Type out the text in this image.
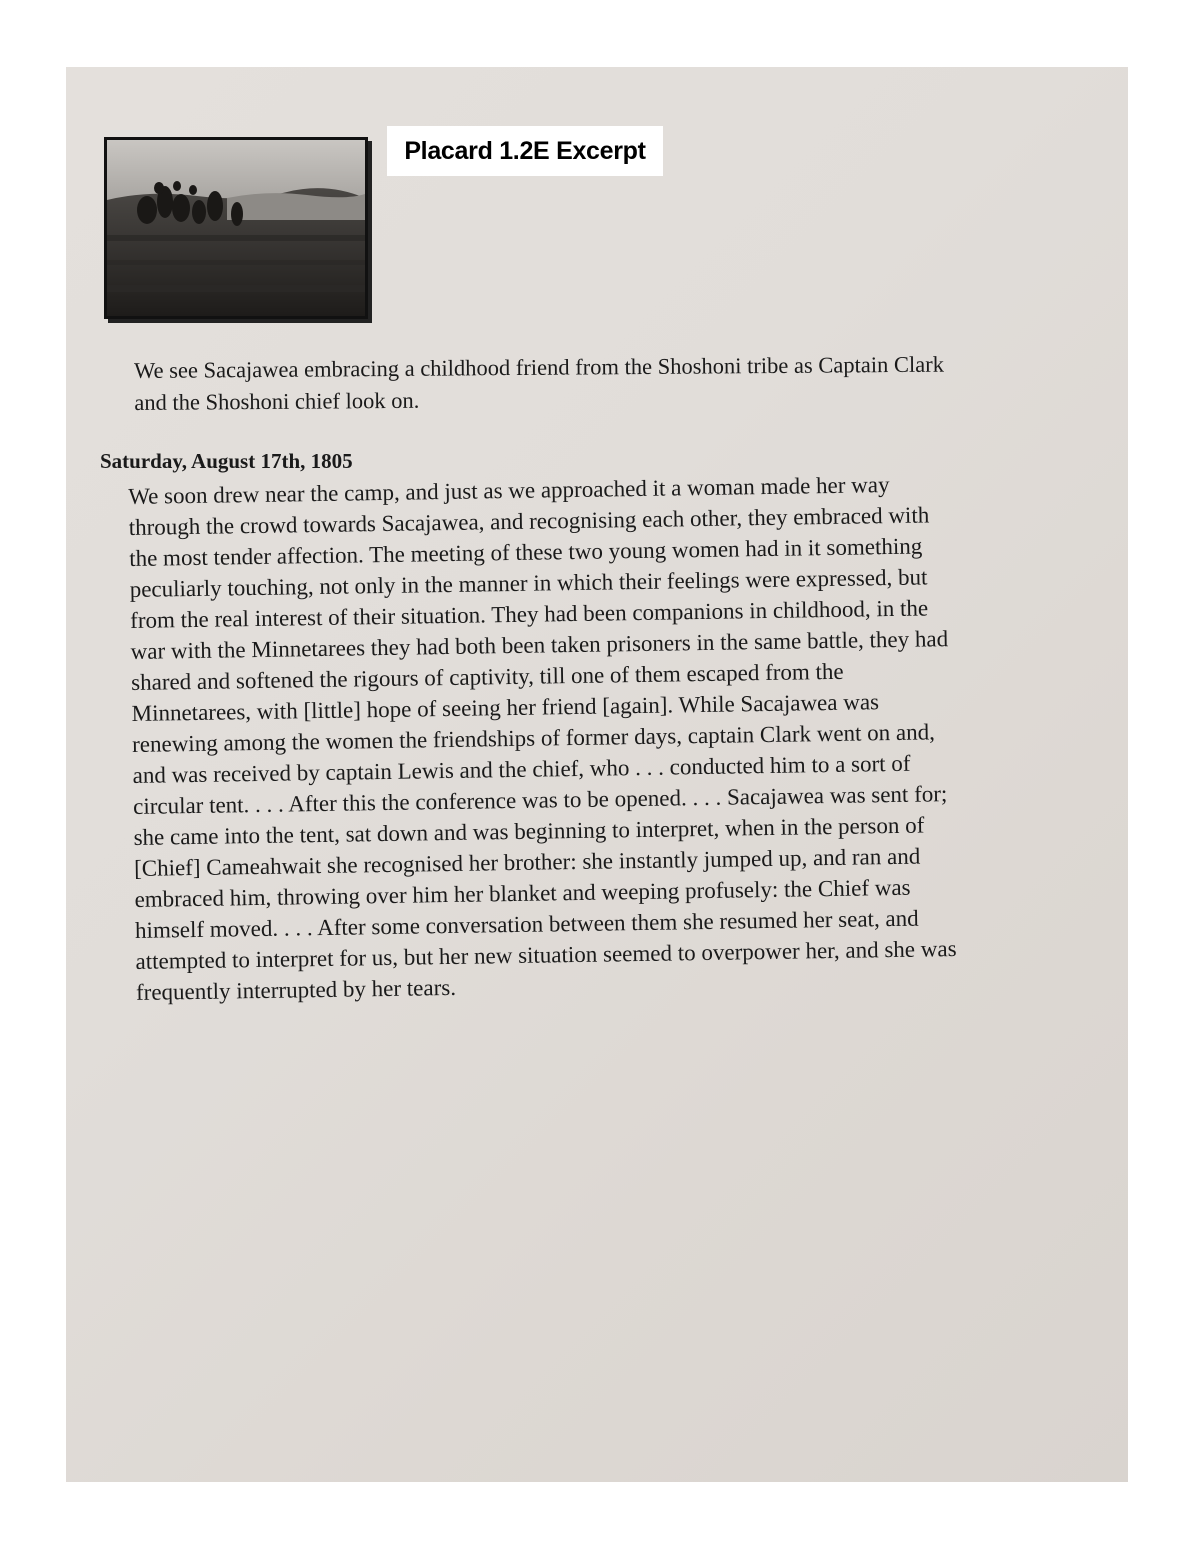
Placard 1.2E Excerpt
We see Sacajawea embracing a childhood friend from the Shoshoni tribe as Captain Clark
and the Shoshoni chief look on.
Saturday, August 17th, 1805
We soon drew near the camp, and just as we approached it a woman made her way
through the crowd towards Sacajawea, and recognising each other, they embraced with
the most tender affection. The meeting of these two young women had in it something
peculiarly touching, not only in the manner in which their feelings were expressed, but
from the real interest of their situation. They had been companions in childhood, in the
war with the Minnetarees they had both been taken prisoners in the same battle, they had
shared and softened the rigours of captivity, till one of them escaped from the
Minnetarees, with [little] hope of seeing her friend [again]. While Sacajawea was
renewing among the women the friendships of former days, captain Clark went on and,
and was received by captain Lewis and the chief, who . . . conducted him to a sort of
circular tent. . . . After this the conference was to be opened. . . . Sacajawea was sent for;
she came into the tent, sat down and was beginning to interpret, when in the person of
[Chief] Cameahwait she recognised her brother: she instantly jumped up, and ran and
embraced him, throwing over him her blanket and weeping profusely: the Chief was
himself moved. . . . After some conversation between them she resumed her seat, and
attempted to interpret for us, but her new situation seemed to overpower her, and she was
frequently interrupted by her tears.
